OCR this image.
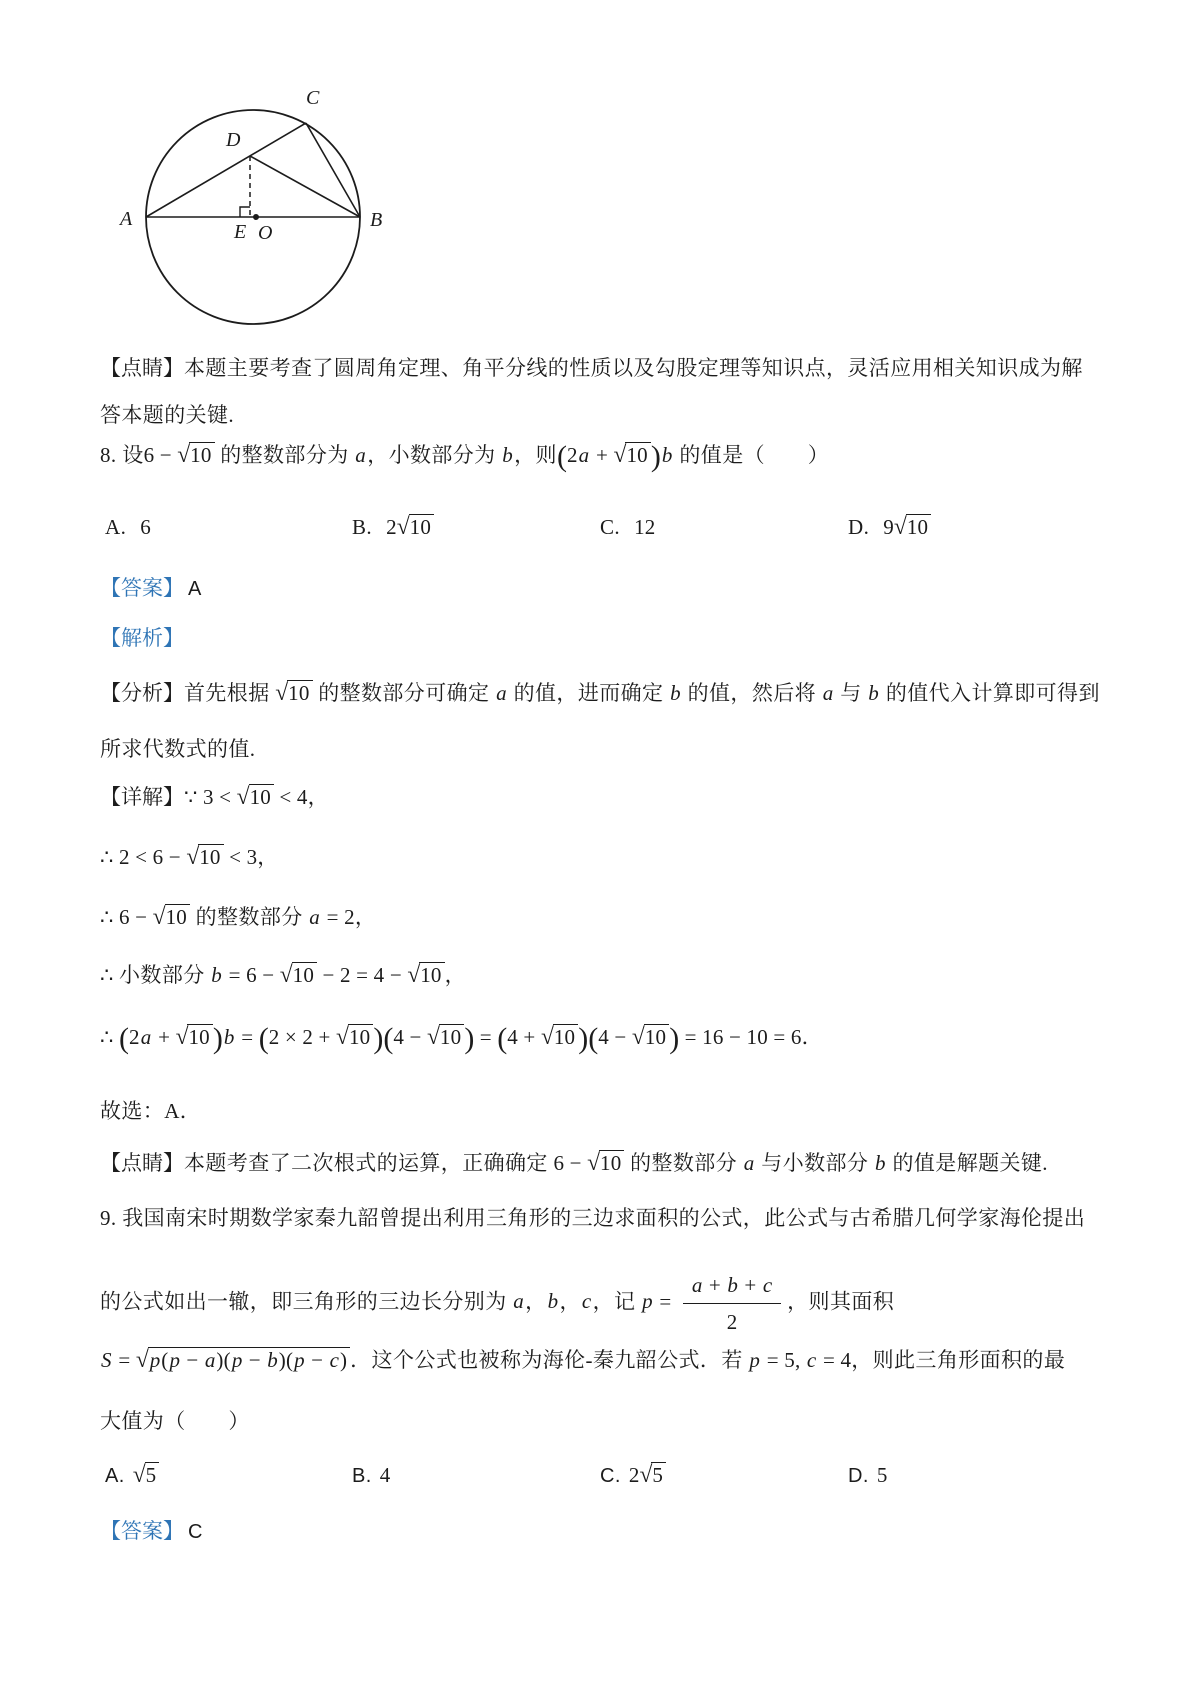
A	B
C
D
E O
【点睛】本题主要考查了圆周角定理、角平分线的性质以及勾股定理等知识点，灵活应用相关知识成为解
答本题的关键.
8. 设6 − √10 的整数部分为 a，小数部分为 b，则(2a + √10 )b 的值是（　　）
A. 6	B. 2√10	C. 12	D. 9√10
【答案】 A
【解析】
【分析】首先根据 √10 的整数部分可确定 a 的值，进而确定 b 的值，然后将 a 与 b 的值代入计算即可得到
所求代数式的值.
【详解】∵ 3 < √10 < 4，
∴ 2 < 6 − √10 < 3，
∴ 6 − √10 的整数部分 a = 2，
∴ 小数部分 b = 6 − √10 − 2 = 4 − √10 ，
∴ (2a + √10 )b = (2 × 2 + √10 )(4 − √10 ) = (4 + √10 )(4 − √10 ) = 16 − 10 = 6．
故选：A．
【点睛】本题考查了二次根式的运算，正确确定 6 − √10 的整数部分 a 与小数部分 b 的值是解题关键.
9. 我国南宋时期数学家秦九韶曾提出利用三角形的三边求面积的公式，此公式与古希腊几何学家海伦提出
的公式如出一辙，即三角形的三边长分别为 a，b，c，记 $p = \frac{a + b + c}{2}$ ，则其面积
S = √p(p − a)(p − b)(p − c) ．这个公式也被称为海伦-秦九韶公式．若 p = 5, c = 4，则此三角形面积的最
大值为（　　）
A. √5	B. 4	C. 2√5	D. 5
【答案】 C
